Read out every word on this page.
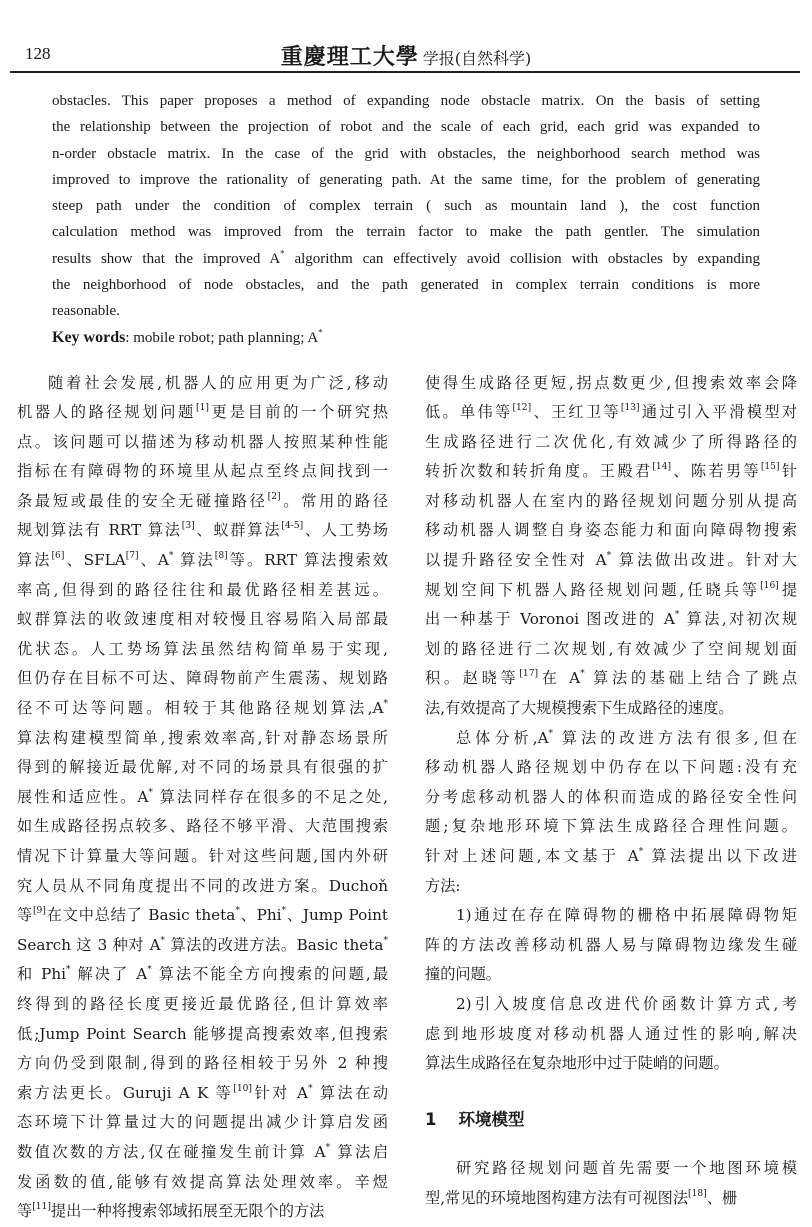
128	重慶理工大學 学报(自然科学)
obstacles. This paper proposes a method of expanding node obstacle matrix. On the basis of setting
the relationship between the projection of robot and the scale of each grid, each grid was expanded to
n-order obstacle matrix. In the case of the grid with obstacles, the neighborhood search method was
improved to improve the rationality of generating path. At the same time, for the problem of generating
steep path under the condition of complex terrain ( such as mountain land ), the cost function
calculation method was improved from the terrain factor to make the path gentler. The simulation
results show that the improved A* algorithm can effectively avoid collision with obstacles by expanding
the neighborhood of node obstacles, and the path generated in complex terrain conditions is more
reasonable.
Key words: mobile robot; path planning; A*
随着社会发展,机器人的应用更为广泛,移动
机器人的路径规划问题[1]更是目前的一个研究热
点。该问题可以描述为移动机器人按照某种性能
指标在有障碍物的环境里从起点至终点间找到一
条最短或最佳的安全无碰撞路径[2]。常用的路径
规划算法有 RRT 算法[3]、蚁群算法[4-5]、人工势场
算法[6]、SFLA[7]、A* 算法[8]等。RRT 算法搜索效
率高,但得到的路径往往和最优路径相差甚远。
蚁群算法的收敛速度相对较慢且容易陷入局部最
优状态。人工势场算法虽然结构简单易于实现,
但仍存在目标不可达、障碍物前产生震荡、规划路
径不可达等问题。相较于其他路径规划算法,A*
算法构建模型简单,搜索效率高,针对静态场景所
得到的解接近最优解,对不同的场景具有很强的扩
展性和适应性。A* 算法同样存在很多的不足之处,
如生成路径拐点较多、路径不够平滑、大范围搜索
情况下计算量大等问题。针对这些问题,国内外研
究人员从不同角度提出不同的改进方案。Duchoň
等[9]在文中总结了 Basic theta*、Phi*、Jump Point
Search 这 3 种对 A* 算法的改进方法。Basic theta*
和 Phi* 解决了 A* 算法不能全方向搜索的问题,最
终得到的路径长度更接近最优路径,但计算效率
低;Jump Point Search 能够提高搜索效率,但搜索
方向仍受到限制,得到的路径相较于另外 2 种搜
索方法更长。Guruji A K 等[10]针对 A* 算法在动
态环境下计算量过大的问题提出减少计算启发函
数值次数的方法,仅在碰撞发生前计算 A* 算法启
发函数的值,能够有效提高算法处理效率。辛煜
等[11]提出一种将搜索邻域拓展至无限个的方法
使得生成路径更短,拐点数更少,但搜索效率会降
低。单伟等[12]、王红卫等[13]通过引入平滑模型对
生成路径进行二次优化,有效减少了所得路径的
转折次数和转折角度。王殿君[14]、陈若男等[15]针
对移动机器人在室内的路径规划问题分别从提高
移动机器人调整自身姿态能力和面向障碍物搜索
以提升路径安全性对 A* 算法做出改进。针对大
规划空间下机器人路径规划问题,任晓兵等[16]提
出一种基于 Voronoi 图改进的 A* 算法,对初次规
划的路径进行二次规划,有效减少了空间规划面
积。赵晓等[17]在 A* 算法的基础上结合了跳点
法,有效提高了大规模搜索下生成路径的速度。
总体分析,A* 算法的改进方法有很多,但在
移动机器人路径规划中仍存在以下问题:没有充
分考虑移动机器人的体积而造成的路径安全性问
题;复杂地形环境下算法生成路径合理性问题。
针对上述问题,本文基于 A* 算法提出以下改进
方法:
1)通过在存在障碍物的栅格中拓展障碍物矩
阵的方法改善移动机器人易与障碍物边缘发生碰
撞的问题。
2)引入坡度信息改进代价函数计算方式,考
虑到地形坡度对移动机器人通过性的影响,解决
算法生成路径在复杂地形中过于陡峭的问题。
1 环境模型
研究路径规划问题首先需要一个地图环境模
型,常见的环境地图构建方法有可视图法[18]、栅
